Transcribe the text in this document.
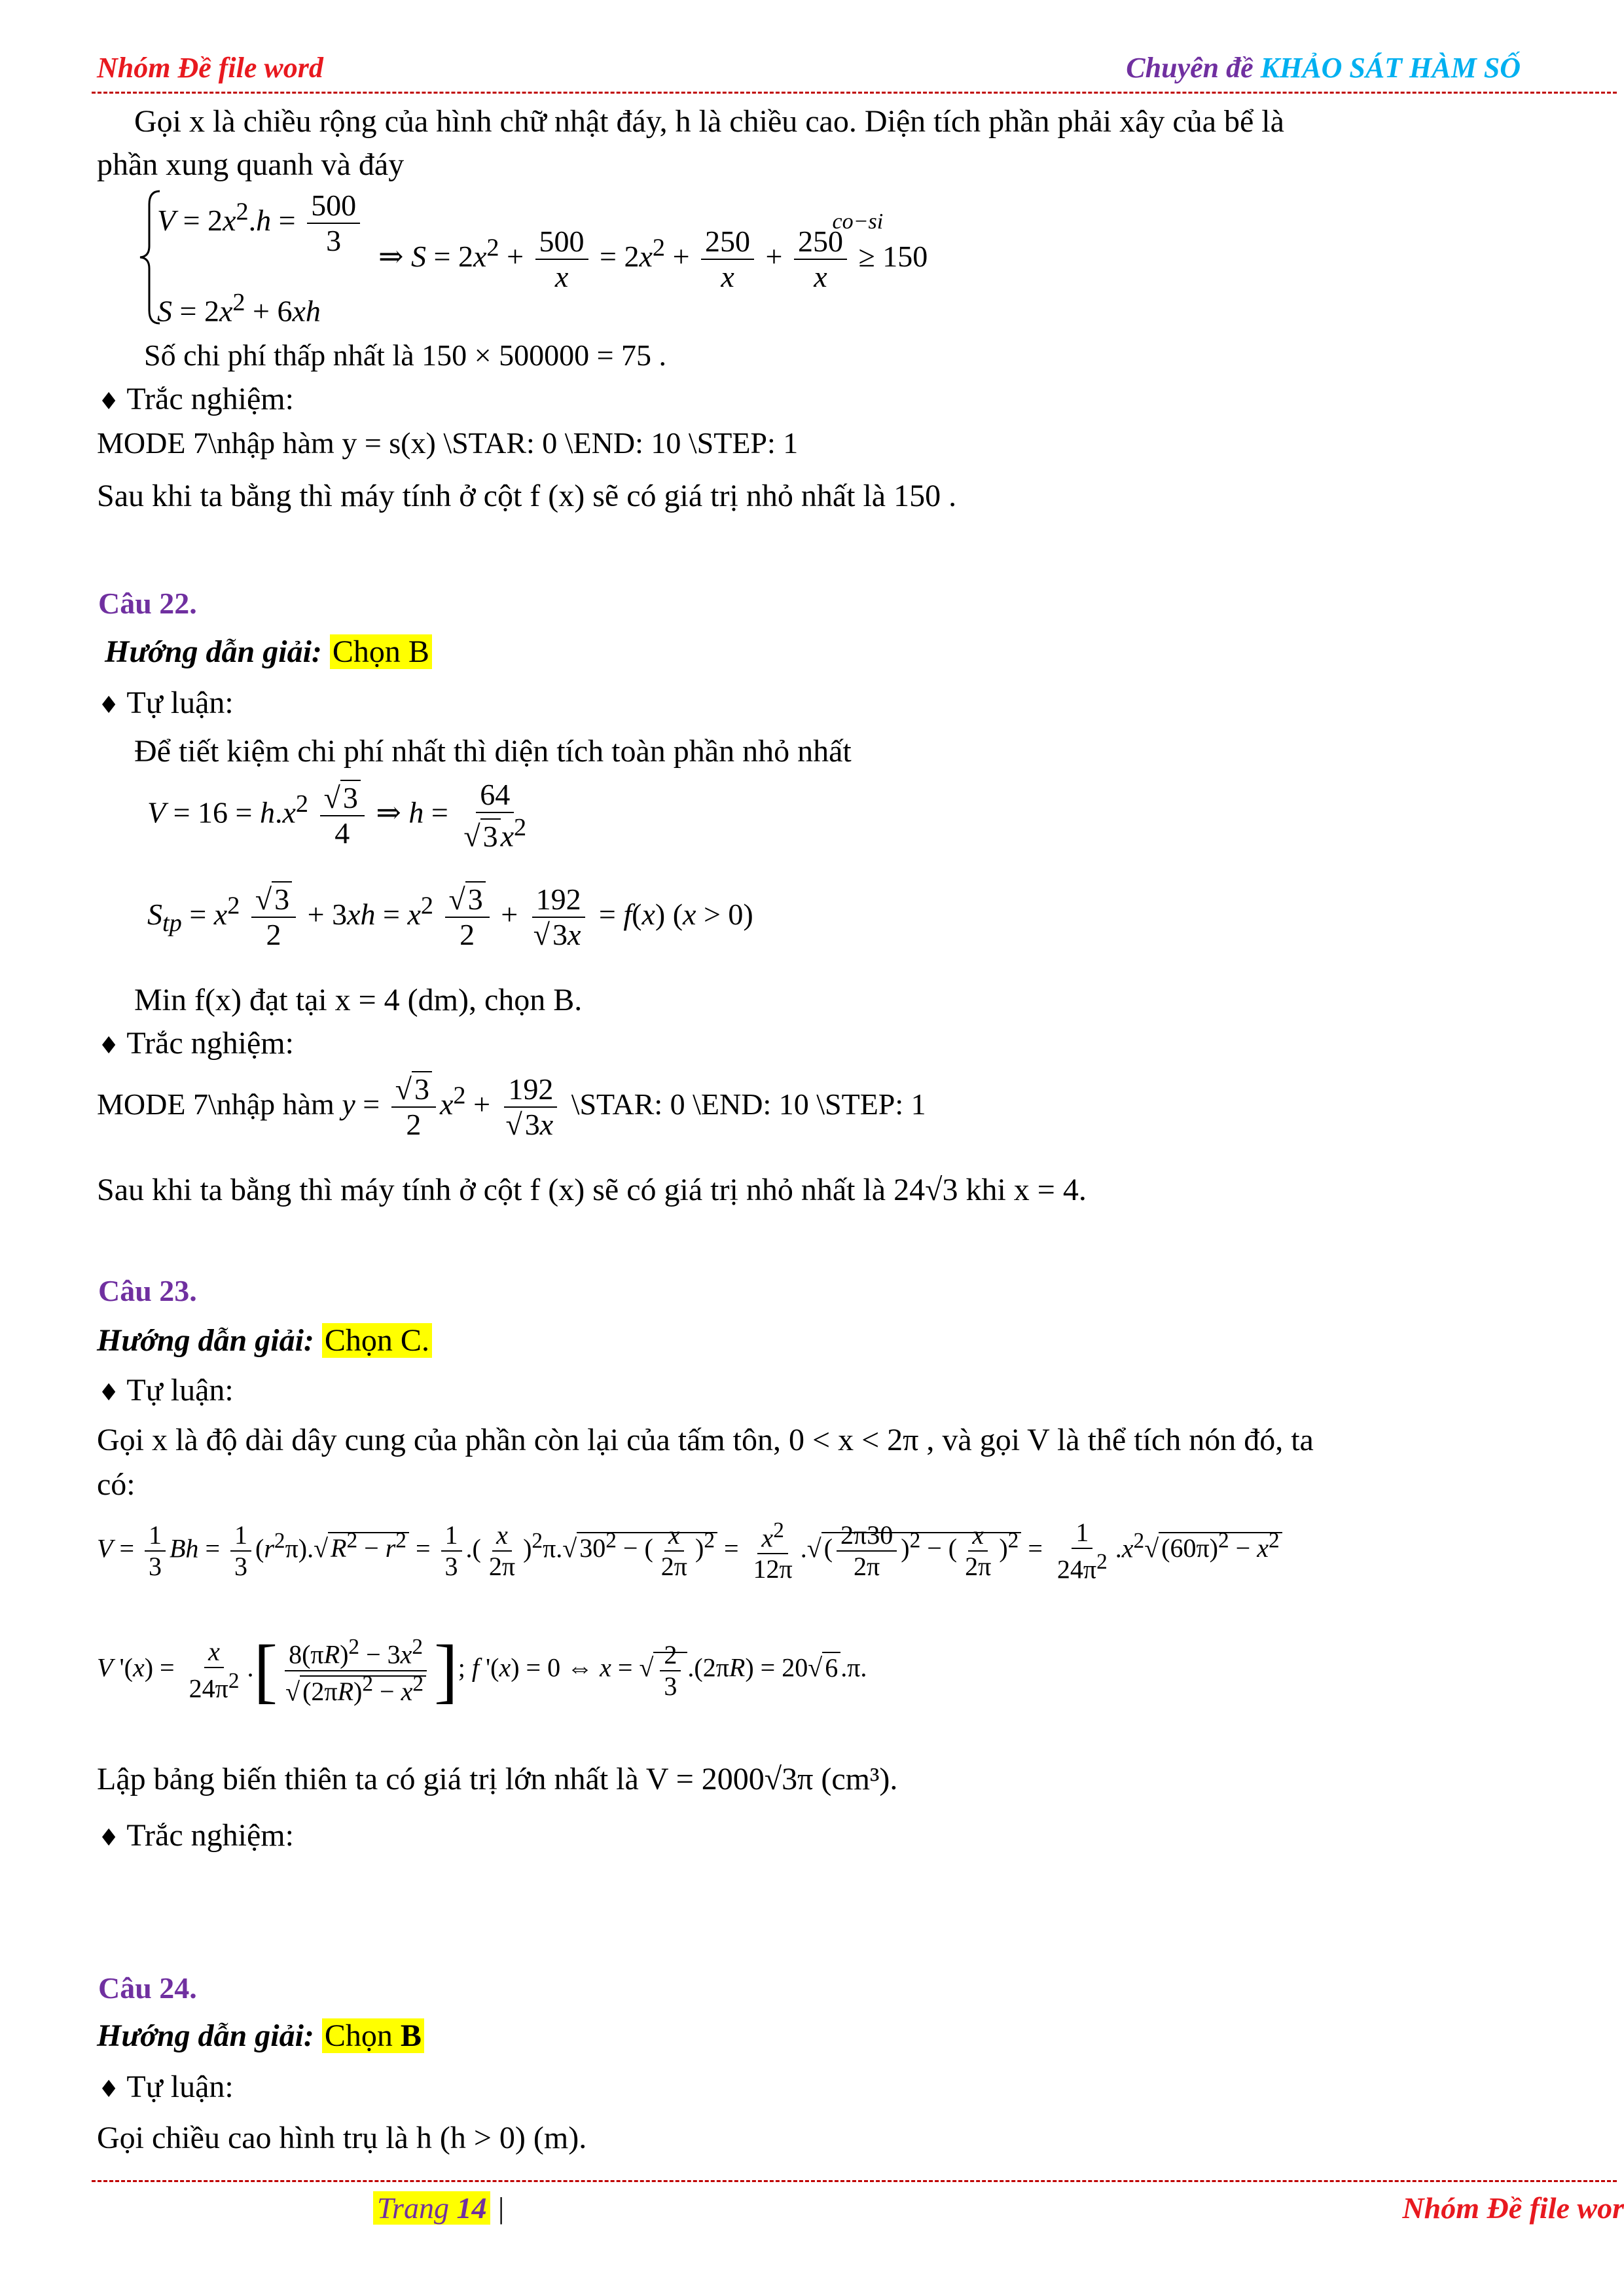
Nhóm Đề file word	Chuyên đề KHẢO SÁT HÀM SỐ
Gọi x là chiều rộng của hình chữ nhật đáy, h là chiều cao. Diện tích phần phải xây của bể là
phần xung quanh và đáy
$V = 2x^2.h = \frac{500}{3}$
$S = 2x^2 + 6xh$
⇒ $S = 2x^2 + \frac{500}{x} = 2x^2 + \frac{250}{x} + \frac{250}{x}$ ≥
co−si
150
Số chi phí thấp nhất là 150 × 500000 = 75 .
♦ Trắc nghiệm:
MODE 7\nhập hàm y = s(x) \STAR: 0 \END: 10 \STEP: 1
Sau khi ta bằng thì máy tính ở cột f (x) sẽ có giá trị nhỏ nhất là 150 .
Câu 22.
Hướng dẫn giải: Chọn B
♦ Tự luận:
Để tiết kiệm chi phí nhất thì diện tích toàn phần nhỏ nhất
$V = 16 = h.x^2 \frac{√3}{4}$ ⇒ $h = \frac{64}{√3x^2}$
$S_{tp} = x^2 \frac{√3}{2} + 3xh = x^2 \frac{√3}{2} + \frac{192}{√3x} = f(x) (x > 0)$
Min f(x) đạt tại x = 4 (dm), chọn B.
♦ Trắc nghiệm:
MODE 7\nhập hàm $y = \frac{√3}{2} x^2 + \frac{192}{√3x}$ \STAR: 0 \END: 10 \STEP: 1
Sau khi ta bằng thì máy tính ở cột f (x) sẽ có giá trị nhỏ nhất là 24√3 khi x = 4.
Câu 23.
Hướng dẫn giải: Chọn C.
♦ Tự luận:
Gọi x là độ dài dây cung của phần còn lại của tấm tôn, 0 < x < 2π , và gọi V là thể tích nón đó, ta
có:
$V = \frac{1}{3}$ $Bh = \frac{1}{3} (r^2\pi).√$ $R^2 - r^2 = \frac{1}{3}$ .( $\frac{x}{2\pi} )^2\pi.√$ $30^2$ − ( $\frac{x}{2\pi} )^2 = \frac{x^2}{12\pi}$ .√ ( $\frac{2\pi 30}{2\pi} )^2$ − ( $\frac{x}{2\pi} )^2 = \frac{1}{24\pi^2} .x^2√$ $(60\pi)^2 - x^2$
V '$(x) = \frac{x}{24\pi^2}$ .[ $\frac{8(\pi R)^2 - 3x^2}{√ (2\pi R)^2 - x^2}$ ]; f '(x) = 0 ⇔ x = √ $\frac{2}{3} .(2\pi R) = 20√$ 6 .π.
Lập bảng biến thiên ta có giá trị lớn nhất là V = 2000√3π (cm³).
♦ Trắc nghiệm:
Câu 24.
Hướng dẫn giải: Chọn B
♦ Tự luận:
Gọi chiều cao hình trụ là h (h > 0) (m).
Trang 14 |	Nhóm Đề file wor
